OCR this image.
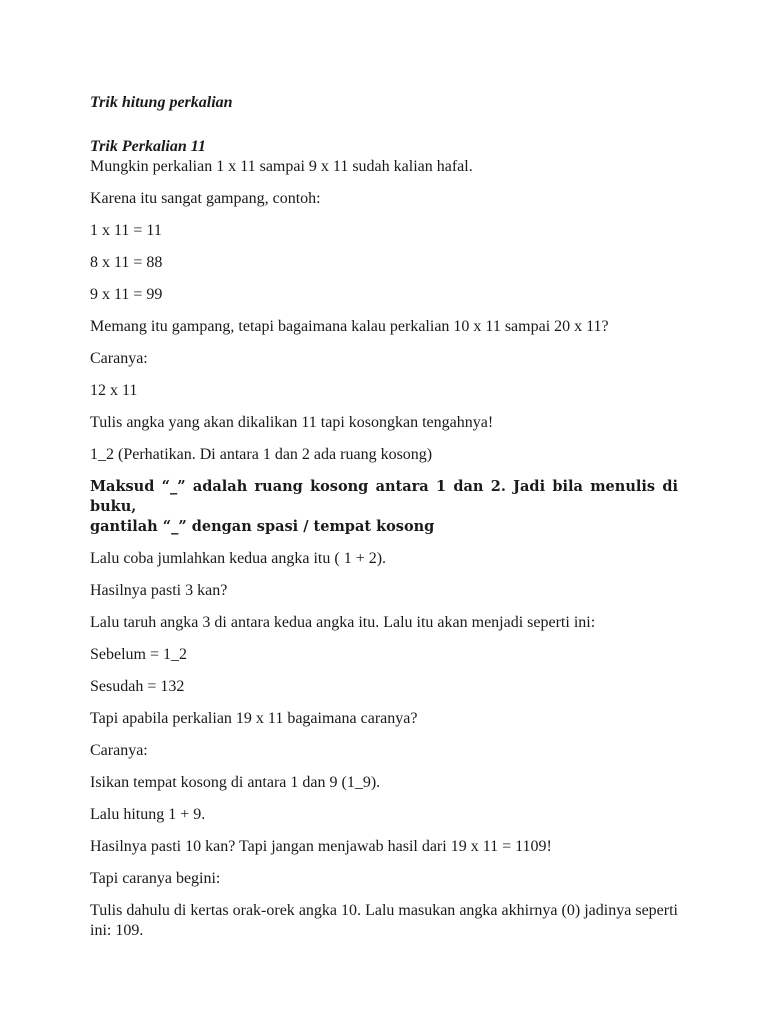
Trik hitung perkalian

Trik Perkalian 11

Mungkin perkalian 1 x 11 sampai 9 x 11 sudah kalian hafal.

Karena itu sangat gampang, contoh:

1 x 11 = 11

8 x 11 = 88

9 x 11 = 99

Memang itu gampang, tetapi bagaimana kalau perkalian 10 x 11 sampai 20 x 11?

Caranya:

12 x 11

Tulis angka yang akan dikalikan 11 tapi kosongkan tengahnya!

1_2 (Perhatikan. Di antara 1 dan 2 ada ruang kosong)

Maksud “_” adalah ruang kosong antara 1 dan 2. Jadi bila menulis di buku,
gantilah “_” dengan spasi / tempat kosong

Lalu coba jumlahkan kedua angka itu ( 1 + 2).

Hasilnya pasti 3 kan?

Lalu taruh angka 3 di antara kedua angka itu. Lalu itu akan menjadi seperti ini:

Sebelum = 1_2

Sesudah = 132

Tapi apabila perkalian 19 x 11 bagaimana caranya?

Caranya:

Isikan tempat kosong di antara 1 dan 9 (1_9).

Lalu hitung 1 + 9.

Hasilnya pasti 10 kan? Tapi jangan menjawab hasil dari 19 x 11 = 1109!

Tapi caranya begini:

Tulis dahulu di kertas orak-orek angka 10. Lalu masukan angka akhirnya (0) jadinya seperti ini: 109.
